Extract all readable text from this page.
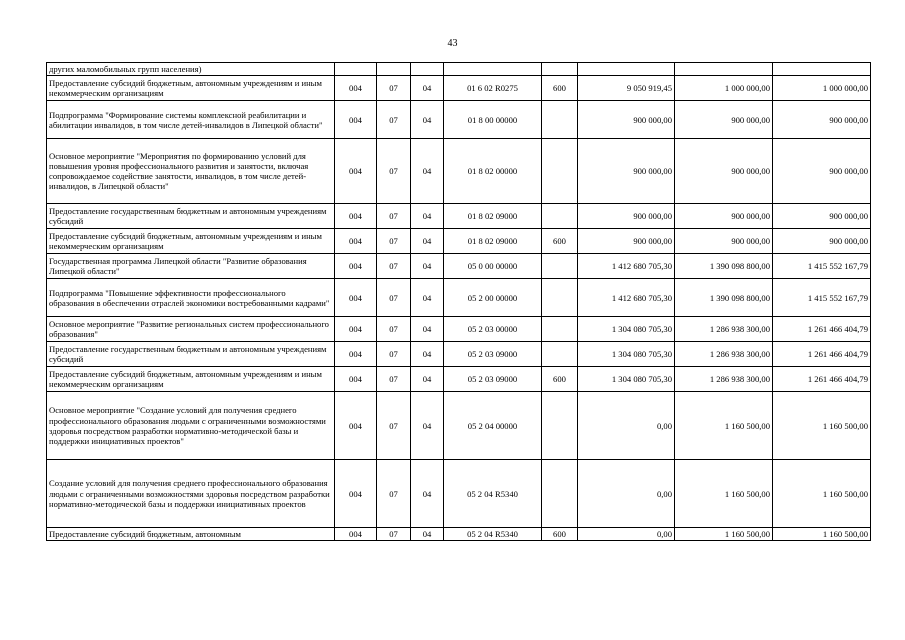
43
других маломобильных групп населения)								
Предоставление субсидий бюджетным, автономным учреждениям и иным некоммерческим организациям	004	07	04	01 6 02 R0275	600	9 050 919,45	1 000 000,00	1 000 000,00
Подпрограмма "Формирование системы комплексной реабилитации и абилитации инвалидов, в том числе детей-инвалидов в Липецкой области"	004	07	04	01 8 00 00000		900 000,00	900 000,00	900 000,00
Основное мероприятие "Мероприятия по формированию условий для повышения уровня профессионального развития и занятости, включая сопровождаемое содействие занятости, инвалидов, в том числе детей-инвалидов, в Липецкой области"	004	07	04	01 8 02 00000		900 000,00	900 000,00	900 000,00
Предоставление государственным бюджетным и автономным учреждениям субсидий	004	07	04	01 8 02 09000		900 000,00	900 000,00	900 000,00
Предоставление субсидий бюджетным, автономным учреждениям и иным некоммерческим организациям	004	07	04	01 8 02 09000	600	900 000,00	900 000,00	900 000,00
Государственная программа Липецкой области "Развитие образования Липецкой области"	004	07	04	05 0 00 00000		1 412 680 705,30	1 390 098 800,00	1 415 552 167,79
Подпрограмма "Повышение эффективности профессионального образования в обеспечении отраслей экономики востребованными кадрами"	004	07	04	05 2 00 00000		1 412 680 705,30	1 390 098 800,00	1 415 552 167,79
Основное мероприятие "Развитие региональных систем профессионального образования"	004	07	04	05 2 03 00000		1 304 080 705,30	1 286 938 300,00	1 261 466 404,79
Предоставление государственным бюджетным и автономным учреждениям субсидий	004	07	04	05 2 03 09000		1 304 080 705,30	1 286 938 300,00	1 261 466 404,79
Предоставление субсидий бюджетным, автономным учреждениям и иным некоммерческим организациям	004	07	04	05 2 03 09000	600	1 304 080 705,30	1 286 938 300,00	1 261 466 404,79
Основное мероприятие "Создание условий для получения среднего профессионального образования людьми с ограниченными возможностями здоровья посредством разработки нормативно-методической базы и поддержки инициативных проектов"	004	07	04	05 2 04 00000		0,00	1 160 500,00	1 160 500,00
Создание условий для получения среднего профессионального образования людьми с ограниченными возможностями здоровья посредством разработки нормативно-методической базы и поддержки инициативных проектов	004	07	04	05 2 04 R5340		0,00	1 160 500,00	1 160 500,00
Предоставление субсидий бюджетным, автономным	004	07	04	05 2 04 R5340	600	0,00	1 160 500,00	1 160 500,00
